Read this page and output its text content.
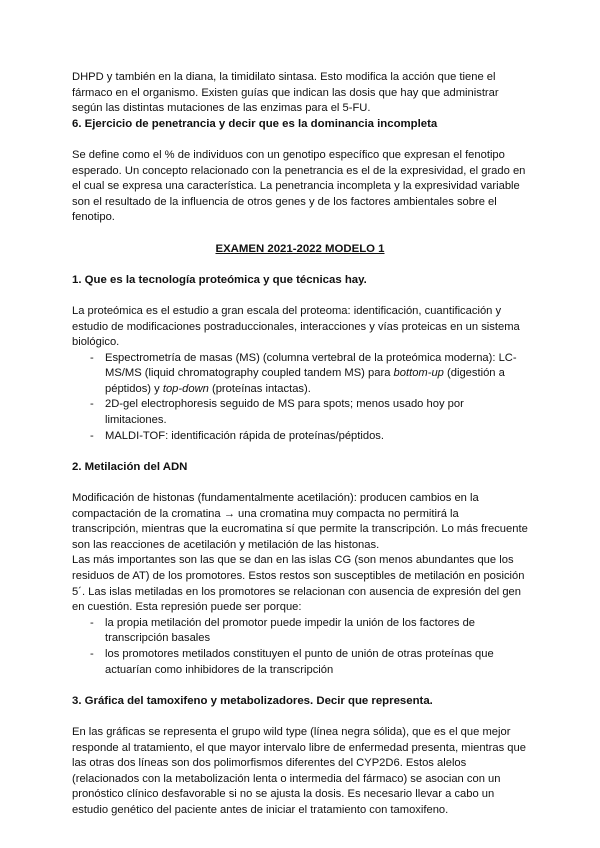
DHPD y también en la diana, la timidilato sintasa. Esto modifica la acción que tiene el fármaco en el organismo. Existen guías que indican las dosis que hay que administrar según las distintas mutaciones de las enzimas para el 5-FU.

6. Ejercicio de penetrancia y decir que es la dominancia incompleta

Se define como el % de individuos con un genotipo específico que expresan el fenotipo esperado. Un concepto relacionado con la penetrancia es el de la expresividad, el grado en el cual se expresa una característica. La penetrancia incompleta y la expresividad variable son el resultado de la influencia de otros genes y de los factores ambientales sobre el fenotipo.

EXAMEN 2021-2022 MODELO 1

1. Que es la tecnología proteómica y que técnicas hay.

La proteómica es el estudio a gran escala del proteoma: identificación, cuantificación y estudio de modificaciones postraduccionales, interacciones y vías proteicas en un sistema biológico.

- Espectrometría de masas (MS) (columna vertebral de la proteómica moderna): LC-MS/MS (liquid chromatography coupled tandem MS) para bottom-up (digestión a péptidos) y top-down (proteínas intactas).
- 2D-gel electrophoresis seguido de MS para spots; menos usado hoy por limitaciones.
- MALDI-TOF: identificación rápida de proteínas/péptidos.

2. Metilación del ADN

Modificación de histonas (fundamentalmente acetilación): producen cambios en la compactación de la cromatina → una cromatina muy compacta no permitirá la transcripción, mientras que la eucromatina sí que permite la transcripción. Lo más frecuente son las reacciones de acetilación y metilación de las histonas.

Las más importantes son las que se dan en las islas CG (son menos abundantes que los residuos de AT) de los promotores. Estos restos son susceptibles de metilación en posición 5´. Las islas metiladas en los promotores se relacionan con ausencia de expresión del gen en cuestión. Esta represión puede ser porque:

- la propia metilación del promotor puede impedir la unión de los factores de transcripción basales
- los promotores metilados constituyen el punto de unión de otras proteínas que actuarían como inhibidores de la transcripción

3. Gráfica del tamoxifeno y metabolizadores. Decir que representa.

En las gráficas se representa el grupo wild type (línea negra sólida), que es el que mejor responde al tratamiento, el que mayor intervalo libre de enfermedad presenta, mientras que las otras dos líneas son dos polimorfismos diferentes del CYP2D6. Estos alelos (relacionados con la metabolización lenta o intermedia del fármaco) se asocian con un pronóstico clínico desfavorable si no se ajusta la dosis. Es necesario llevar a cabo un estudio genético del paciente antes de iniciar el tratamiento con tamoxifeno.
